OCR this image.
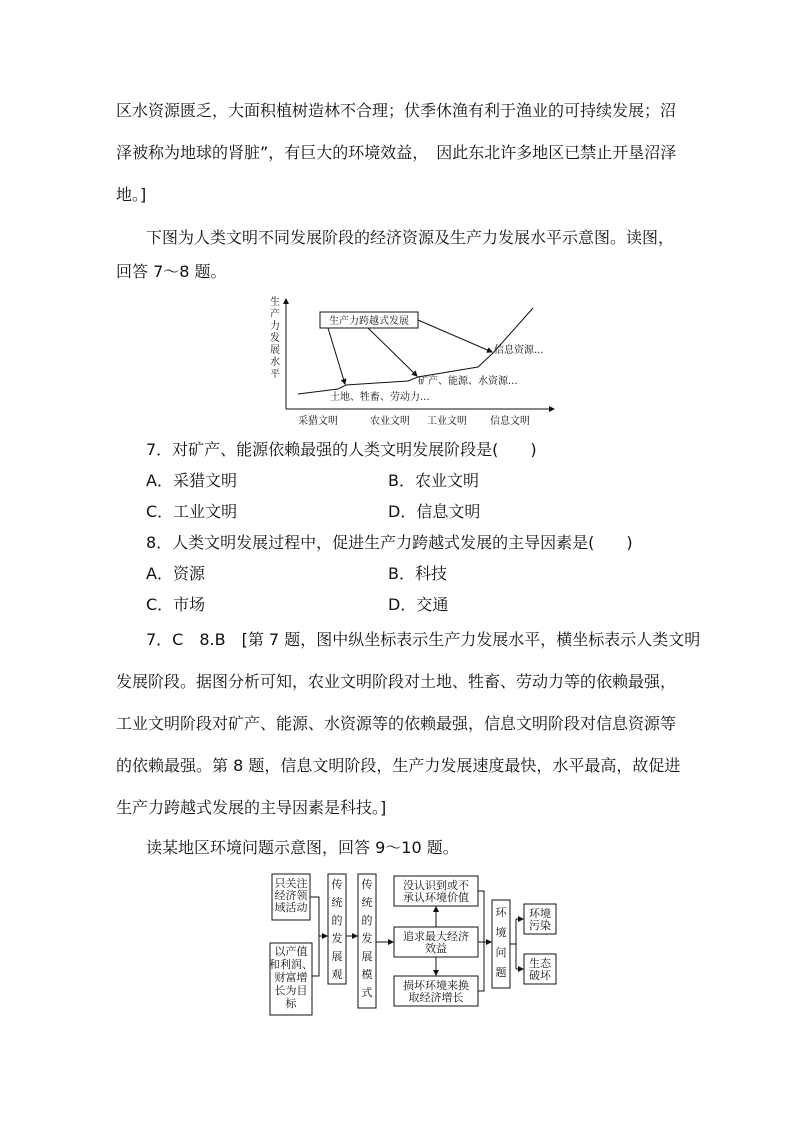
区水资源匮乏，大面积植树造林不合理；伏季休渔有利于渔业的可持续发展；沼
泽被称为地球的肾脏”，有巨大的环境效益，　因此东北许多地区已禁止开垦沼泽
地。]
下图为人类文明不同发展阶段的经济资源及生产力发展水平示意图。读图，
回答 7～8 题。
生
产
力
发
展
水
平
采猎文明	农业文明 工业文明 信息文明
生产力跨越式发展
土地、牲畜、劳动力...
矿产、能源、水资源...
信息资源...
7．对矿产、能源依赖最强的人类文明发展阶段是(　　)
A．采猎文明	B．农业文明
C．工业文明	D．信息文明
8．人类文明发展过程中，促进生产力跨越式发展的主导因素是(　　)
A．资源	B．科技
C．市场	D．交通
7．C　8.B　[第 7 题，图中纵坐标表示生产力发展水平，横坐标表示人类文明
发展阶段。据图分析可知，农业文明阶段对土地、牲畜、劳动力等的依赖最强，
工业文明阶段对矿产、能源、水资源等的依赖最强，信息文明阶段对信息资源等
的依赖最强。第 8 题，信息文明阶段，生产力发展速度最快，水平最高，故促进
生产力跨越式发展的主导因素是科技。]
读某地区环境问题示意图，回答 9～10 题。
只关注
经济领
域活动
以产值
和利润、
财富增
长为目
标
传
统
的
发
展
观
传
统
的
发
展
模
式
没认识到或不
承认环境价值
追求最大经济
效益
损坏环境来换
取经济增长
环
境
问
题
环境
污染
生态
破坏
